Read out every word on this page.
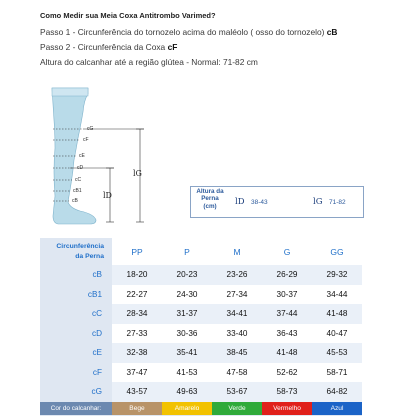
Como Medir sua Meia Coxa Antitrombo Varimed?
Passo 1 - Circunferência do tornozelo acima do maléolo ( osso do tornozelo) cB
Passo 2 - Circunferência da Coxa cF
Altura do calcanhar até a região glútea - Normal: 71-82 cm
cG
cF
cE
cD
cC
cB1
cB
lD
lG
Altura da
Perna
(cm)	lD 38-43	lG 71-82
Circunferência
da Perna	PP	P	M	G	GG
cB	18-20	20-23	23-26	26-29	29-32
cB1	22-27	24-30	27-34	30-37	34-44
cC	28-34	31-37	34-41	37-44	41-48
cD	27-33	30-36	33-40	36-43	40-47
cE	32-38	35-41	38-45	41-48	45-53
cF	37-47	41-53	47-58	52-62	58-71
cG	43-57	49-63	53-67	58-73	64-82
Cor do calcanhar:	Bege	Amarelo	Verde	Vermelho	Azul
